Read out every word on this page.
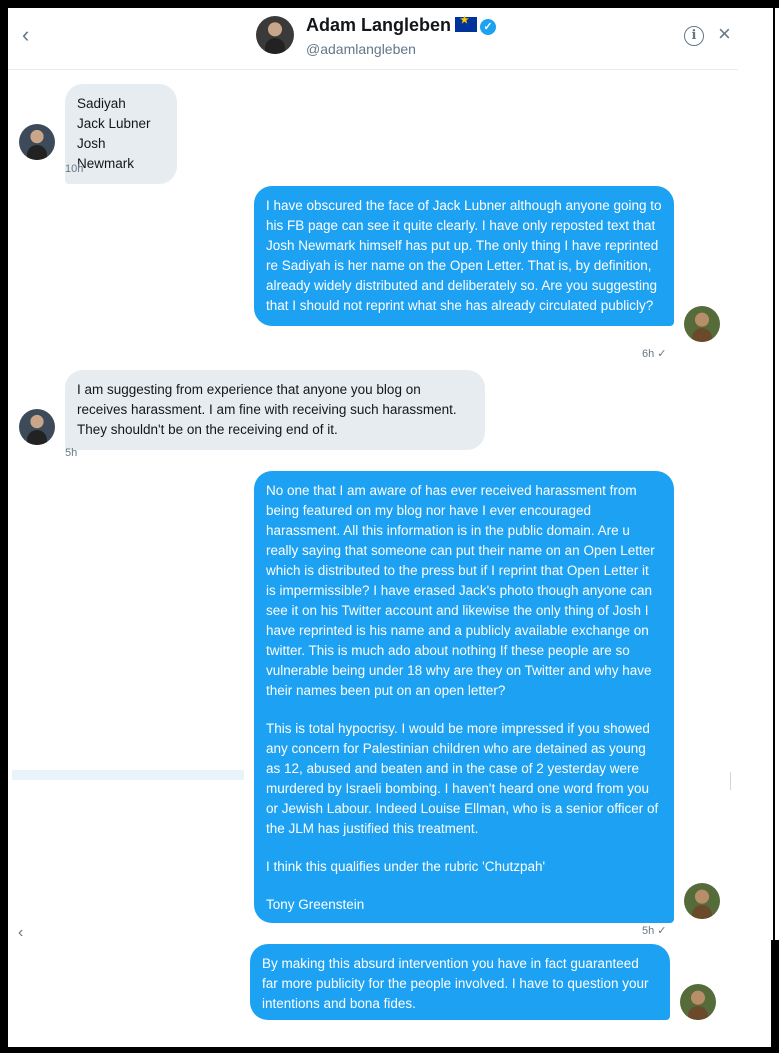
‹	Adam Langleben★	✓
@adamlangleben
i ×
Sadiyah
Jack Lubner
Josh Newmark
10h

I have obscured the face of Jack Lubner although anyone going to his FB page can see it quite clearly. I have only reposted text that Josh Newmark himself has put up. The only thing I have reprinted re Sadiyah is her name on the Open Letter. That is, by definition, already widely distributed and deliberately so. Are you suggesting that I should not reprint what she has already circulated publicly?

6h ✓

I am suggesting from experience that anyone you blog on receives harassment. I am fine with receiving such harassment. They shouldn't be on the receiving end of it.

5h

No one that I am aware of has ever received harassment from being featured on my blog nor have I ever encouraged harassment. All this information is in the public domain. Are u really saying that someone can put their name on an Open Letter which is distributed to the press but if I reprint that Open Letter it is impermissible? I have erased Jack's photo though anyone can see it on his Twitter account and likewise the only thing of Josh I have reprinted is his name and a publicly available exchange on twitter. This is much ado about nothing If these people are so vulnerable being under 18 why are they on Twitter and why have their names been put on an open letter?

This is total hypocrisy. I would be more impressed if you showed any concern for Palestinian children who are detained as young as 12, abused and beaten and in the case of 2 yesterday were murdered by Israeli bombing. I haven't heard one word from you or Jewish Labour. Indeed Louise Ellman, who is a senior officer of the JLM has justified this treatment.

I think this qualifies under the rubric 'Chutzpah'

Tony Greenstein

5h ✓
‹

By making this absurd intervention you have in fact guaranteed far more publicity for the people involved. I have to question your intentions and bona fides.
